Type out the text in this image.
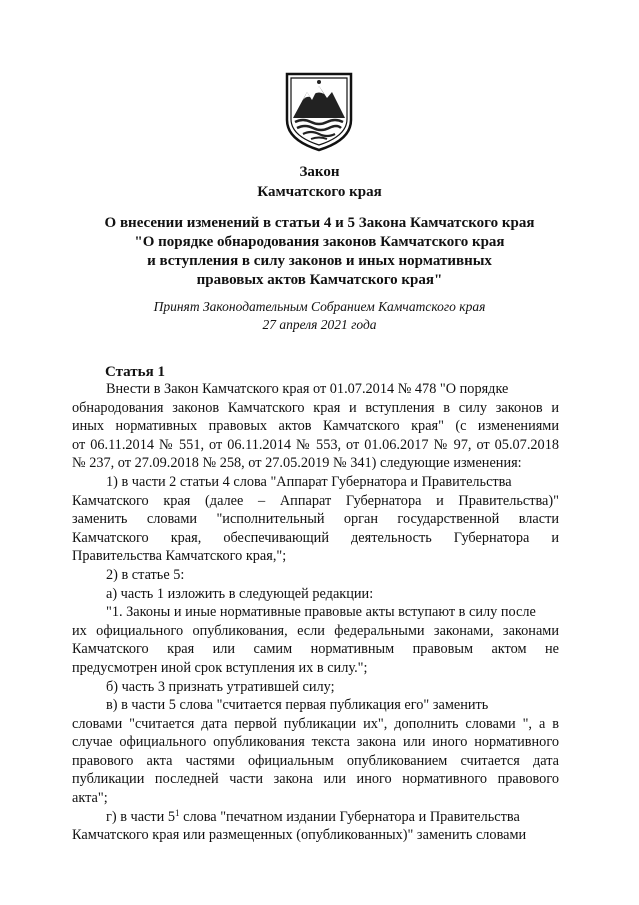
Закон
Камчатского края
О внесении изменений в статьи 4 и 5 Закона Камчатского края
"О порядке обнародования законов Камчатского края
и вступления в силу законов и иных нормативных
правовых актов Камчатского края"
Принят Законодательным Собранием Камчатского края
27 апреля 2021 года
Статья 1
Внести в Закон Камчатского края от 01.07.2014 № 478 "О порядке
обнародования законов Камчатского края и вступления в силу законов и
иных нормативных правовых актов Камчатского края" (с изменениями
от 06.11.2014 № 551, от 06.11.2014 № 553, от 01.06.2017 № 97, от 05.07.2018
№ 237, от 27.09.2018 № 258, от 27.05.2019 № 341) следующие изменения:
1) в части 2 статьи 4 слова "Аппарат Губернатора и Правительства
Камчатского края (далее – Аппарат Губернатора и Правительства)"
заменить словами "исполнительный орган государственной власти
Камчатского края, обеспечивающий деятельность Губернатора и
Правительства Камчатского края,";
2) в статье 5:
а) часть 1 изложить в следующей редакции:
"1. Законы и иные нормативные правовые акты вступают в силу после
их официального опубликования, если федеральными законами, законами
Камчатского края или самим нормативным правовым актом не
предусмотрен иной срок вступления их в силу.";
б) часть 3 признать утратившей силу;
в) в части 5 слова "считается первая публикация его" заменить
словами "считается дата первой публикации их", дополнить словами ", а в
случае официального опубликования текста закона или иного нормативного
правового акта частями официальным опубликованием считается дата
публикации последней части закона или иного нормативного правового
акта";
г) в части $5^1$ слова "печатном издании Губернатора и Правительства
Камчатского края или размещенных (опубликованных)" заменить словами
